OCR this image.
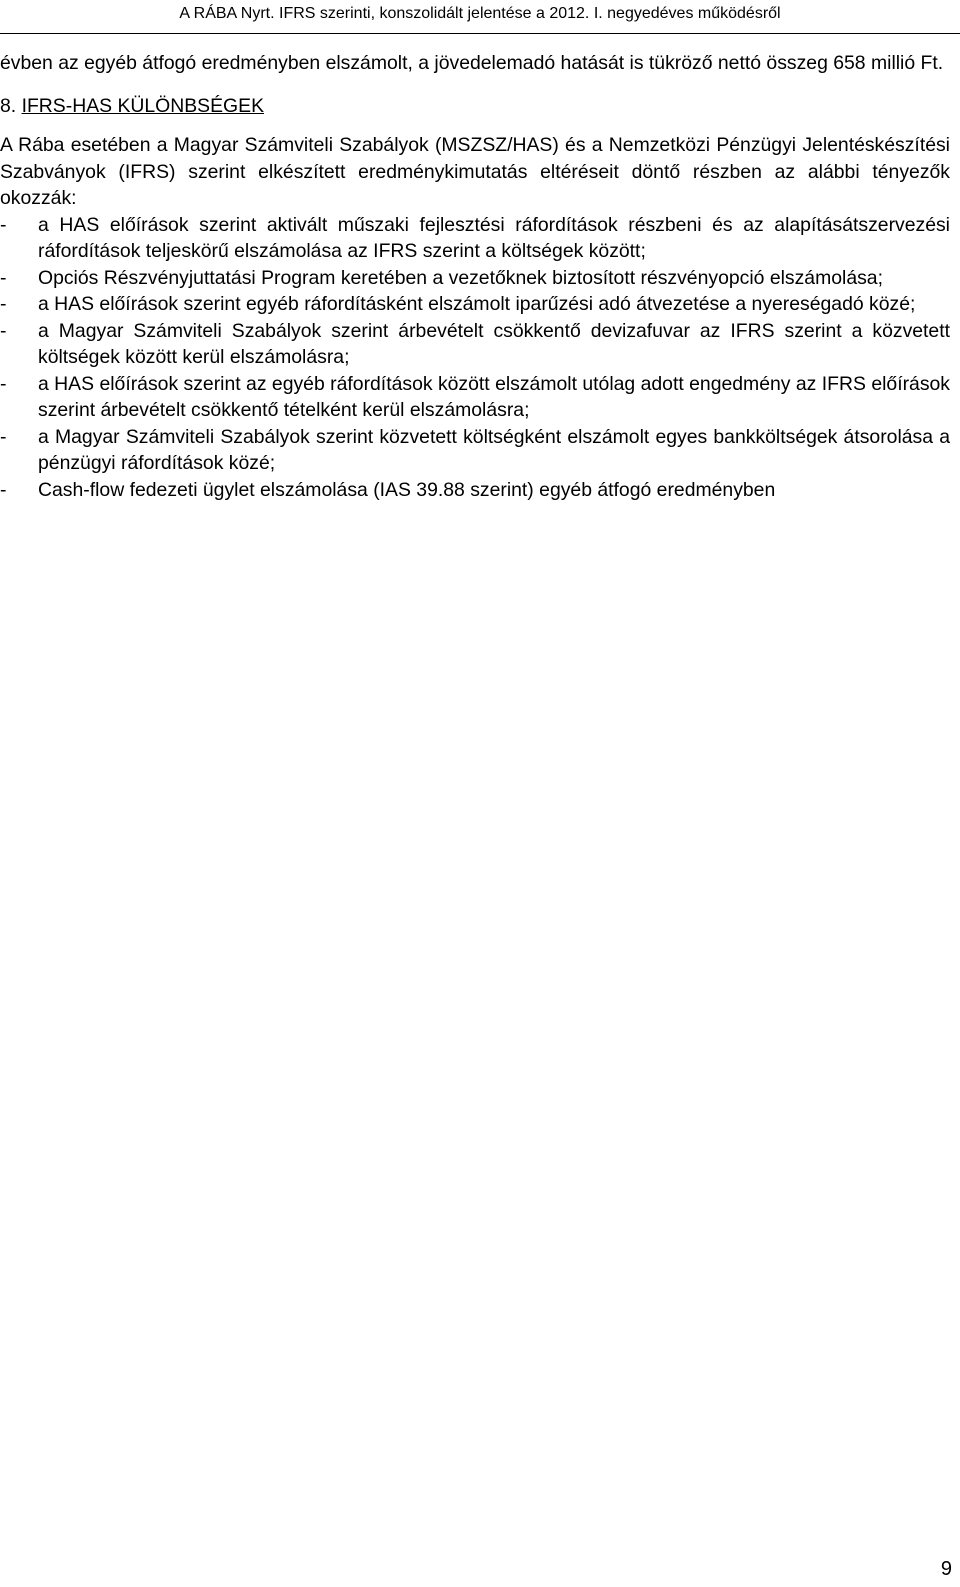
A RÁBA Nyrt. IFRS szerinti, konszolidált jelentése a 2012. I. negyedéves működésről

évben az egyéb átfogó eredményben elszámolt, a jövedelemadó hatását is tükröző nettó összeg 658 millió Ft.

8. IFRS-HAS KÜLÖNBSÉGEK

A Rába esetében a Magyar Számviteli Szabályok (MSZSZ/HAS) és a Nemzetközi Pénzügyi Jelentéskészítési Szabványok (IFRS) szerint elkészített eredménykimutatás eltéréseit döntő részben az alábbi tényezők okozzák:

- a HAS előírások szerint aktivált műszaki fejlesztési ráfordítások részbeni és az alapításátszervezési ráfordítások teljeskörű elszámolása az IFRS szerint a költségek között;
- Opciós Részvényjuttatási Program keretében a vezetőknek biztosított részvényopció elszámolása;
- a HAS előírások szerint egyéb ráfordításként elszámolt iparűzési adó átvezetése a nyereségadó közé;
- a Magyar Számviteli Szabályok szerint árbevételt csökkentő devizafuvar az IFRS szerint a közvetett költségek között kerül elszámolásra;
- a HAS előírások szerint az egyéb ráfordítások között elszámolt utólag adott engedmény az IFRS előírások szerint árbevételt csökkentő tételként kerül elszámolásra;
- a Magyar Számviteli Szabályok szerint közvetett költségként elszámolt egyes bankköltségek átsorolása a pénzügyi ráfordítások közé;
- Cash-flow fedezeti ügylet elszámolása (IAS 39.88 szerint) egyéb átfogó eredményben
9
